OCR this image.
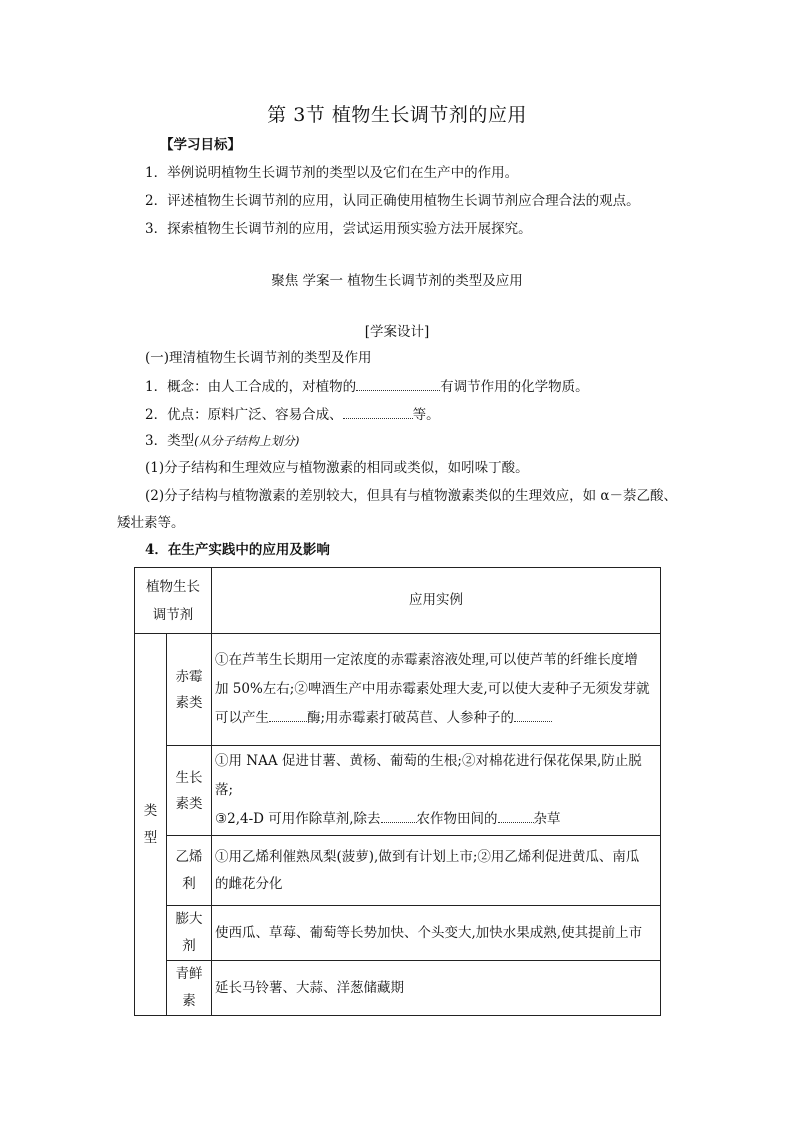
第 3节 植物生长调节剂的应用
【学习目标】
1．举例说明植物生长调节剂的类型以及它们在生产中的作用。
2．评述植物生长调节剂的应用，认同正确使用植物生长调节剂应合理合法的观点。
3．探索植物生长调节剂的应用，尝试运用预实验方法开展探究。
聚焦 学案一 植物生长调节剂的类型及应用
[学案设计]
(一)理清植物生长调节剂的类型及作用
1．概念：由人工合成的，对植物的	有调节作用的化学物质。
2．优点：原料广泛、容易合成、	等。
3．类型(从分子结构上划分)
(1)分子结构和生理效应与植物激素的相同或类似，如吲哚丁酸。
(2)分子结构与植物激素的差别较大，但具有与植物激素类似的生理效应，如 α－萘乙酸、
矮壮素等。
4．在生产实践中的应用及影响
植物生长调节剂		应用实例
类型	赤霉素类	①在芦苇生长期用一定浓度的赤霉素溶液处理,可以使芦苇的纤维长度增
加 50%左右;②啤酒生产中用赤霉素处理大麦,可以使大麦种子无须发芽就
可以产生 酶;用赤霉素打破莴苣、人参种子的

	生长素类	①用 NAA 促进甘薯、黄杨、葡萄的生根;②对棉花进行保花保果,防止脱落;
③2,4-D 可用作除草剂,除去 农作物田间的 杂草

	乙烯利	①用乙烯利催熟凤梨(菠萝),做到有计划上市;②用乙烯利促进黄瓜、南瓜
的雌花分化

	膨大剂	使西瓜、草莓、葡萄等长势加快、个头变大,加快水果成熟,使其提前上市
	青鲜素	延长马铃薯、大蒜、洋葱储藏期
